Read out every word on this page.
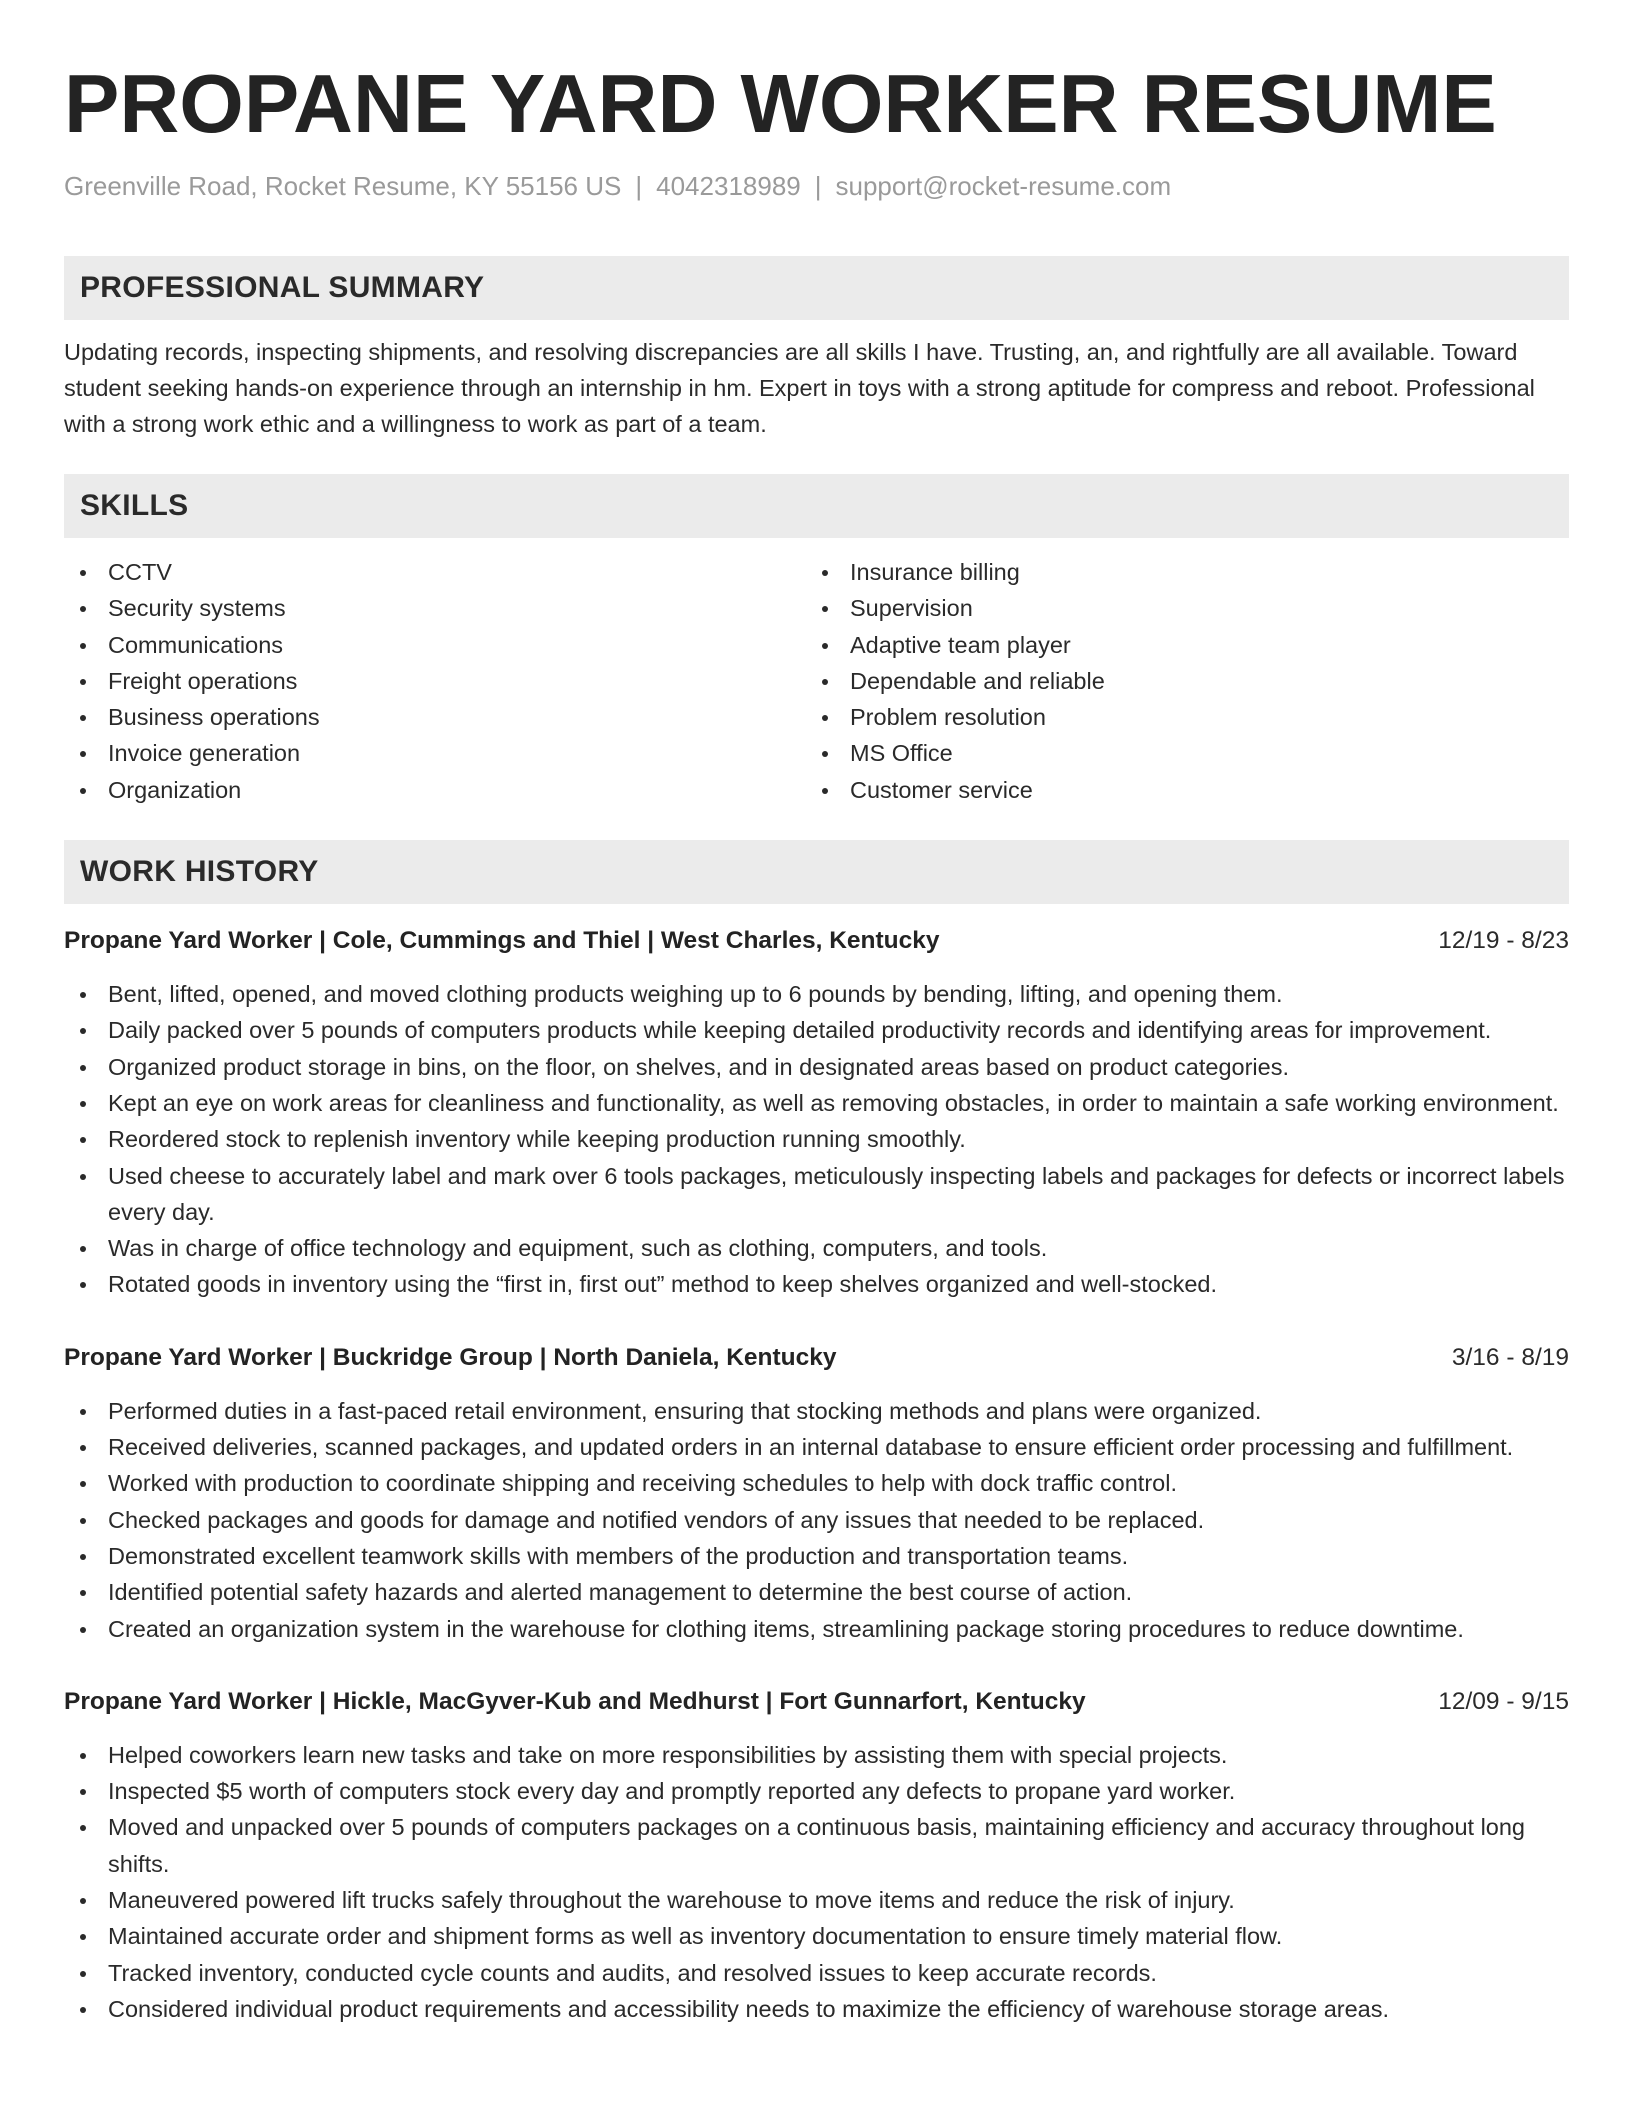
PROPANE YARD WORKER RESUME
Greenville Road, Rocket Resume, KY 55156 US | 4042318989 | support@rocket-resume.com
PROFESSIONAL SUMMARY

Updating records, inspecting shipments, and resolving discrepancies are all skills I have. Trusting, an, and rightfully are all available. Toward student seeking hands-on experience through an internship in hm. Expert in toys with a strong aptitude for compress and reboot. Professional with a strong work ethic and a willingness to work as part of a team.

SKILLS
CCTV
Security systems
Communications
Freight operations
Business operations
Invoice generation
Organization
Insurance billing
Supervision
Adaptive team player
Dependable and reliable
Problem resolution
MS Office
Customer service
WORK HISTORY
Propane Yard Worker | Cole, Cummings and Thiel | West Charles, Kentucky	12/19 - 8/23
Bent, lifted, opened, and moved clothing products weighing up to 6 pounds by bending, lifting, and opening them.
Daily packed over 5 pounds of computers products while keeping detailed productivity records and identifying areas for improvement.
Organized product storage in bins, on the floor, on shelves, and in designated areas based on product categories.
Kept an eye on work areas for cleanliness and functionality, as well as removing obstacles, in order to maintain a safe working environment.
Reordered stock to replenish inventory while keeping production running smoothly.
Used cheese to accurately label and mark over 6 tools packages, meticulously inspecting labels and packages for defects or incorrect labels every day.
Was in charge of office technology and equipment, such as clothing, computers, and tools.
Rotated goods in inventory using the “first in, first out” method to keep shelves organized and well-stocked.
Propane Yard Worker | Buckridge Group | North Daniela, Kentucky	3/16 - 8/19
Performed duties in a fast-paced retail environment, ensuring that stocking methods and plans were organized.
Received deliveries, scanned packages, and updated orders in an internal database to ensure efficient order processing and fulfillment.
Worked with production to coordinate shipping and receiving schedules to help with dock traffic control.
Checked packages and goods for damage and notified vendors of any issues that needed to be replaced.
Demonstrated excellent teamwork skills with members of the production and transportation teams.
Identified potential safety hazards and alerted management to determine the best course of action.
Created an organization system in the warehouse for clothing items, streamlining package storing procedures to reduce downtime.
Propane Yard Worker | Hickle, MacGyver-Kub and Medhurst | Fort Gunnarfort, Kentucky	12/09 - 9/15
Helped coworkers learn new tasks and take on more responsibilities by assisting them with special projects.
Inspected $5 worth of computers stock every day and promptly reported any defects to propane yard worker.
Moved and unpacked over 5 pounds of computers packages on a continuous basis, maintaining efficiency and accuracy throughout long shifts.
Maneuvered powered lift trucks safely throughout the warehouse to move items and reduce the risk of injury.
Maintained accurate order and shipment forms as well as inventory documentation to ensure timely material flow.
Tracked inventory, conducted cycle counts and audits, and resolved issues to keep accurate records.
Considered individual product requirements and accessibility needs to maximize the efficiency of warehouse storage areas.
